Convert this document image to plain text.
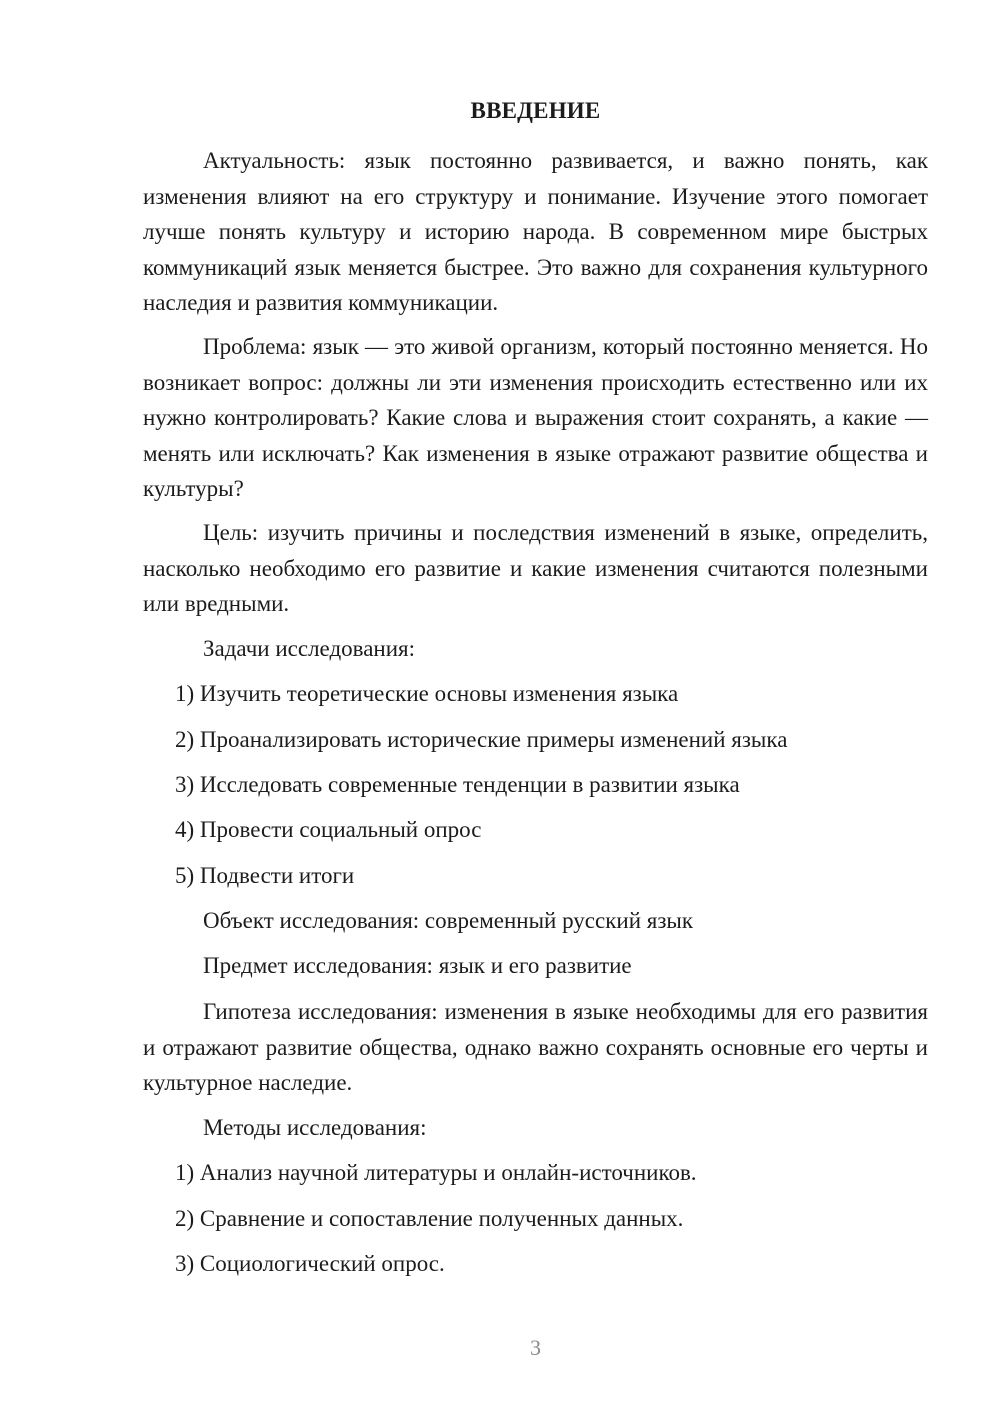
ВВЕДЕНИЕ

Актуальность: язык постоянно развивается, и важно понять, как изменения влияют на его структуру и понимание. Изучение этого помогает лучше понять культуру и историю народа. В современном мире быстрых коммуникаций язык меняется быстрее. Это важно для сохранения культурного наследия и развития коммуникации.

Проблема: язык — это живой организм, который постоянно меняется. Но возникает вопрос: должны ли эти изменения происходить естественно или их нужно контролировать? Какие слова и выражения стоит сохранять, а какие — менять или исключать? Как изменения в языке отражают развитие общества и культуры?

Цель: изучить причины и последствия изменений в языке, определить, насколько необходимо его развитие и какие изменения считаются полезными или вредными.

Задачи исследования:
1) Изучить теоретические основы изменения языка
2) Проанализировать исторические примеры изменений языка
3) Исследовать современные тенденции в развитии языка
4) Провести социальный опрос
5) Подвести итоги
Объект исследования: современный русский язык
Предмет исследования: язык и его развитие

Гипотеза исследования: изменения в языке необходимы для его развития и отражают развитие общества, однако важно сохранять основные его черты и культурное наследие.

Методы исследования:
1) Анализ научной литературы и онлайн-источников.
2) Сравнение и сопоставление полученных данных.
3) Социологический опрос.
3
